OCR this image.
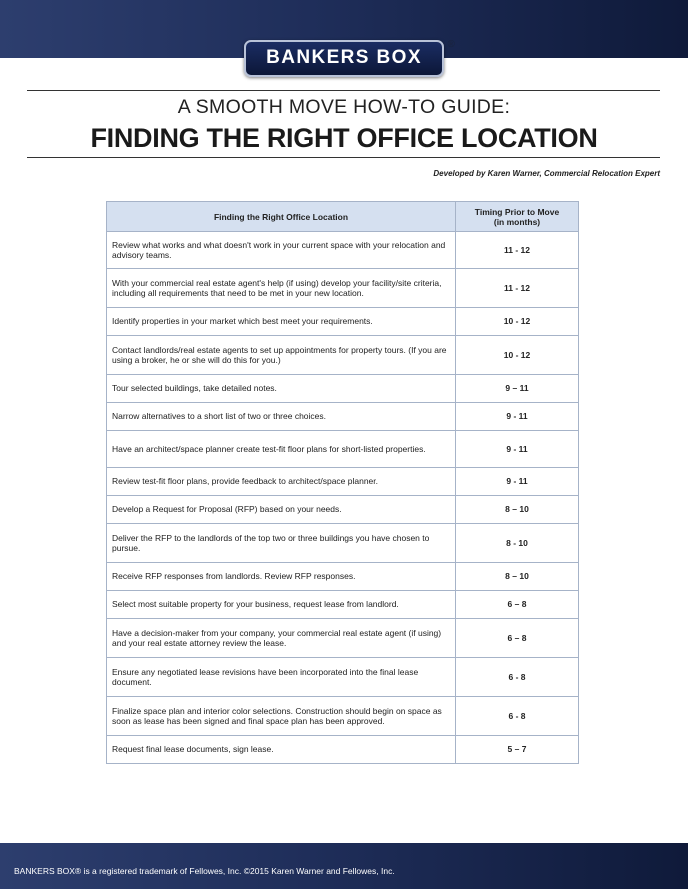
BANKERS BOX
®
A SMOOTH MOVE HOW-TO GUIDE:
FINDING THE RIGHT OFFICE LOCATION
Developed by Karen Warner, Commercial Relocation Expert
Finding the Right Office Location	Timing Prior to Move
(in months)
Review what works and what doesn't work in your current space with your relocation and advisory teams.	11 - 12
With your commercial real estate agent's help (if using) develop your facility/site criteria, including all requirements that need to be met in your new location.	11 - 12
Identify properties in your market which best meet your requirements.	10 - 12
Contact landlords/real estate agents to set up appointments for property tours. (If you are using a broker, he or she will do this for you.)	10 - 12
Tour selected buildings, take detailed notes.	9 – 11
Narrow alternatives to a short list of two or three choices.	9 - 11
Have an architect/space planner create test-fit floor plans for short-listed properties.	9 - 11
Review test-fit floor plans, provide feedback to architect/space planner.	9 - 11
Develop a Request for Proposal (RFP) based on your needs.	8 – 10
Deliver the RFP to the landlords of the top two or three buildings you have chosen to pursue.	8 - 10
Receive RFP responses from landlords. Review RFP responses.	8 – 10
Select most suitable property for your business, request lease from landlord.	6 – 8
Have a decision-maker from your company, your commercial real estate agent (if using) and your real estate attorney review the lease.	6 – 8
Ensure any negotiated lease revisions have been incorporated into the final lease document.	6 - 8
Finalize space plan and interior color selections. Construction should begin on space as soon as lease has been signed and final space plan has been approved.	6 - 8
Request final lease documents, sign lease.	5 – 7
BANKERS BOX® is a registered trademark of Fellowes, Inc. ©2015 Karen Warner and Fellowes, Inc.
